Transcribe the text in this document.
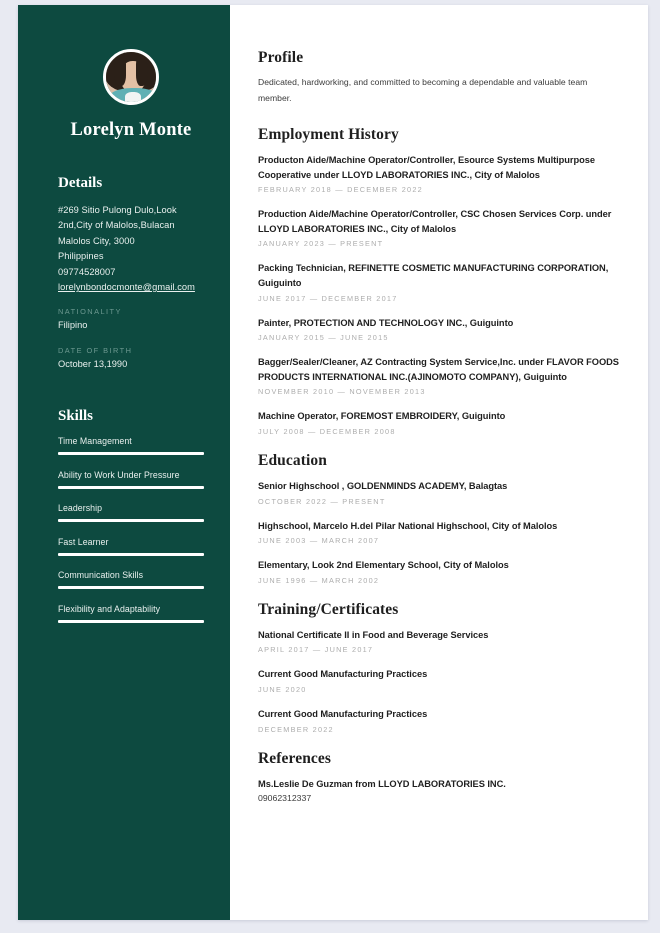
Lorelyn Monte
Details
#269 Sitio Pulong Dulo,Look
2nd,City of Malolos,Bulacan
Malolos City, 3000
Philippines
09774528007
lorelynbondocmonte@gmail.com
NATIONALITY
Filipino
DATE OF BIRTH
October 13,1990
Skills
Time Management
Ability to Work Under Pressure
Leadership
Fast Learner
Communication Skills
Flexibility and Adaptability
Profile

Dedicated, hardworking, and committed to becoming a dependable and valuable team member.

Employment History
Producton Aide/Machine Operator/Controller, Esource Systems Multipurpose Cooperative under LLOYD LABORATORIES INC., City of Malolos
FEBRUARY 2018 — DECEMBER 2022
Production Aide/Machine Operator/Controller, CSC Chosen Services Corp. under LLOYD LABORATORIES INC., City of Malolos
JANUARY 2023 — PRESENT
Packing Technician, REFINETTE COSMETIC MANUFACTURING CORPORATION, Guiguinto
JUNE 2017 — DECEMBER 2017
Painter, PROTECTION AND TECHNOLOGY INC., Guiguinto
JANUARY 2015 — JUNE 2015
Bagger/Sealer/Cleaner, AZ Contracting System Service,Inc. under FLAVOR FOODS PRODUCTS INTERNATIONAL INC.(AJINOMOTO COMPANY), Guiguinto
NOVEMBER 2010 — NOVEMBER 2013
Machine Operator, FOREMOST EMBROIDERY, Guiguinto
JULY 2008 — DECEMBER 2008
Education
Senior Highschool , GOLDENMINDS ACADEMY, Balagtas
OCTOBER 2022 — PRESENT
Highschool, Marcelo H.del Pilar National Highschool, City of Malolos
JUNE 2003 — MARCH 2007
Elementary, Look 2nd Elementary School, City of Malolos
JUNE 1996 — MARCH 2002
Training/Certificates
National Certificate II in Food and Beverage Services
APRIL 2017 — JUNE 2017
Current Good Manufacturing Practices
JUNE 2020
Current Good Manufacturing Practices
DECEMBER 2022
References
Ms.Leslie De Guzman from LLOYD LABORATORIES INC.
09062312337
